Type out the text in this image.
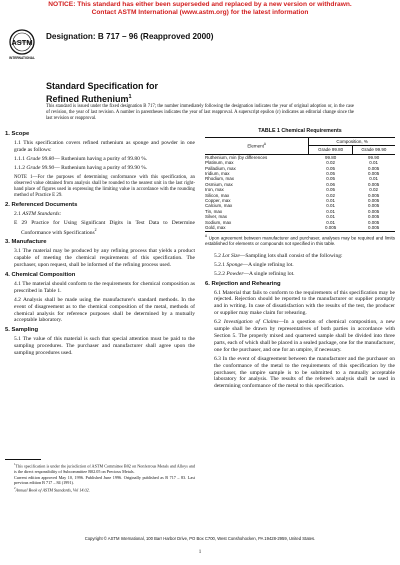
NOTICE: This standard has either been superseded and replaced by a new version or withdrawn.
Contact ASTM International (www.astm.org) for the latest information
ASTM
INTERNATIONAL
Designation: B 717 – 96 (Reapproved 2000)
Standard Specification for
Refined Ruthenium$^1$
This standard is issued under the fixed designation B 717; the number immediately following the designation indicates the year of original adoption or, in the case of revision, the year of last revision. A number in parentheses indicates the year of last reapproval. A superscript epsilon (ε) indicates an editorial change since the last revision or reapproval.
1. Scope
1.1 This specification covers refined ruthenium as sponge and powder in one grade as follows:
1.1.1 Grade 99.80— Ruthenium having a purity of 99.80 %.
1.1.2 Grade 99.90— Ruthenium having a purity of 99.90 %.
NOTE 1—For the purposes of determining conformance with this specification, an observed value obtained from analysis shall be rounded to the nearest unit in the last right-hand place of figures used in expressing the limiting value in accordance with the rounding method of Practice E 29.
2. Referenced Documents
2.1 ASTM Standards:
E 29 Practice for Using Significant Digits in Test Data to Determine Conformance with Specifications$^2$
3. Manufacture
3.1 The material may be produced by any refining process that yields a product capable of meeting the chemical requirements of this specification. The purchaser, upon request, shall be informed of the refining process used.
4. Chemical Composition
4.1 The material should conform to the requirements for chemical composition as prescribed in Table 1.
4.2 Analysis shall be made using the manufacturer's standard methods. In the event of disagreement as to the chemical composition of the metal, methods of chemical analysis for reference purposes shall be determined by a mutually acceptable laboratory.
5. Sampling
5.1 The value of this material is such that special attention must be paid to the sampling procedures. The purchaser and manufacturer shall agree upon the sampling procedures used.

$^1$This specification is under the jurisdiction of ASTM Committee B02 on Nonferrous Metals and Alloys and is the direct responsibility of Subcommittee B02.05 on Precious Metals.

Current edition approved May 10, 1996. Published June 1996. Originally published as B 717 – 83. Last previous edition B 717 – 84 (1991).

$^2$Annual Book of ASTM Standards, Vol 14.02.

TABLE 1 Chemical Requirements
Element$^A$	Composition, %	
	Grade 99.80	Grade 99.90
Ruthenium, min (by differences	99.80	99.90
Platinum, max	0.02	0.01
Palladium, max	0.05	0.005
Iridium, max	0.05	0.005
Rhodium, max	0.05	0.01
Osmium, max	0.06	0.005
Iron, max	0.05	0.02
Silicon, max	0.02	0.005
Copper, max	0.01	0.005
Calcium, max	0.01	0.005
Tin, max	0.01	0.005
Silver, max	0.01	0.005
Sodium, max	0.01	0.005
Gold, max	0.005	0.005
$^A$ Upon agreement between manufacturer and purchaser, analyses may be required and limits established for elements or compounds not specified in this table.
5.2 Lot Size—Sampling lots shall consist of the following:
5.2.1 Sponge—A single refining lot.
5.2.2 Powder—A single refining lot.
6. Rejection and Rehearing
6.1 Material that fails to conform to the requirements of this specification may be rejected. Rejection should be reported to the manufacturer or supplier promptly and in writing. In case of dissatisfaction with the results of the test, the producer or supplier may make claim for rehearing.
6.2 Investigation of Claims—In a question of chemical composition, a new sample shall be drawn by representatives of both parties in accordance with Section 5. The properly mixed and quartered sample shall be divided into three parts, each of which shall be placed in a sealed package, one for the manufacturer, one for the purchaser, and one for an umpire, if necessary.
6.3 In the event of disagreement between the manufacturer and the purchaser on the conformance of the metal to the requirements of this specification by the purchaser, the umpire sample is to be submitted to a mutually acceptable laboratory for analysis. The results of the referee's analysis shall be used in determining conformance of the metal to this specification.
Copyright © ASTM International, 100 Barr Harbor Drive, PO Box C700, West Conshohocken, PA 19428-2959, United States.
1
